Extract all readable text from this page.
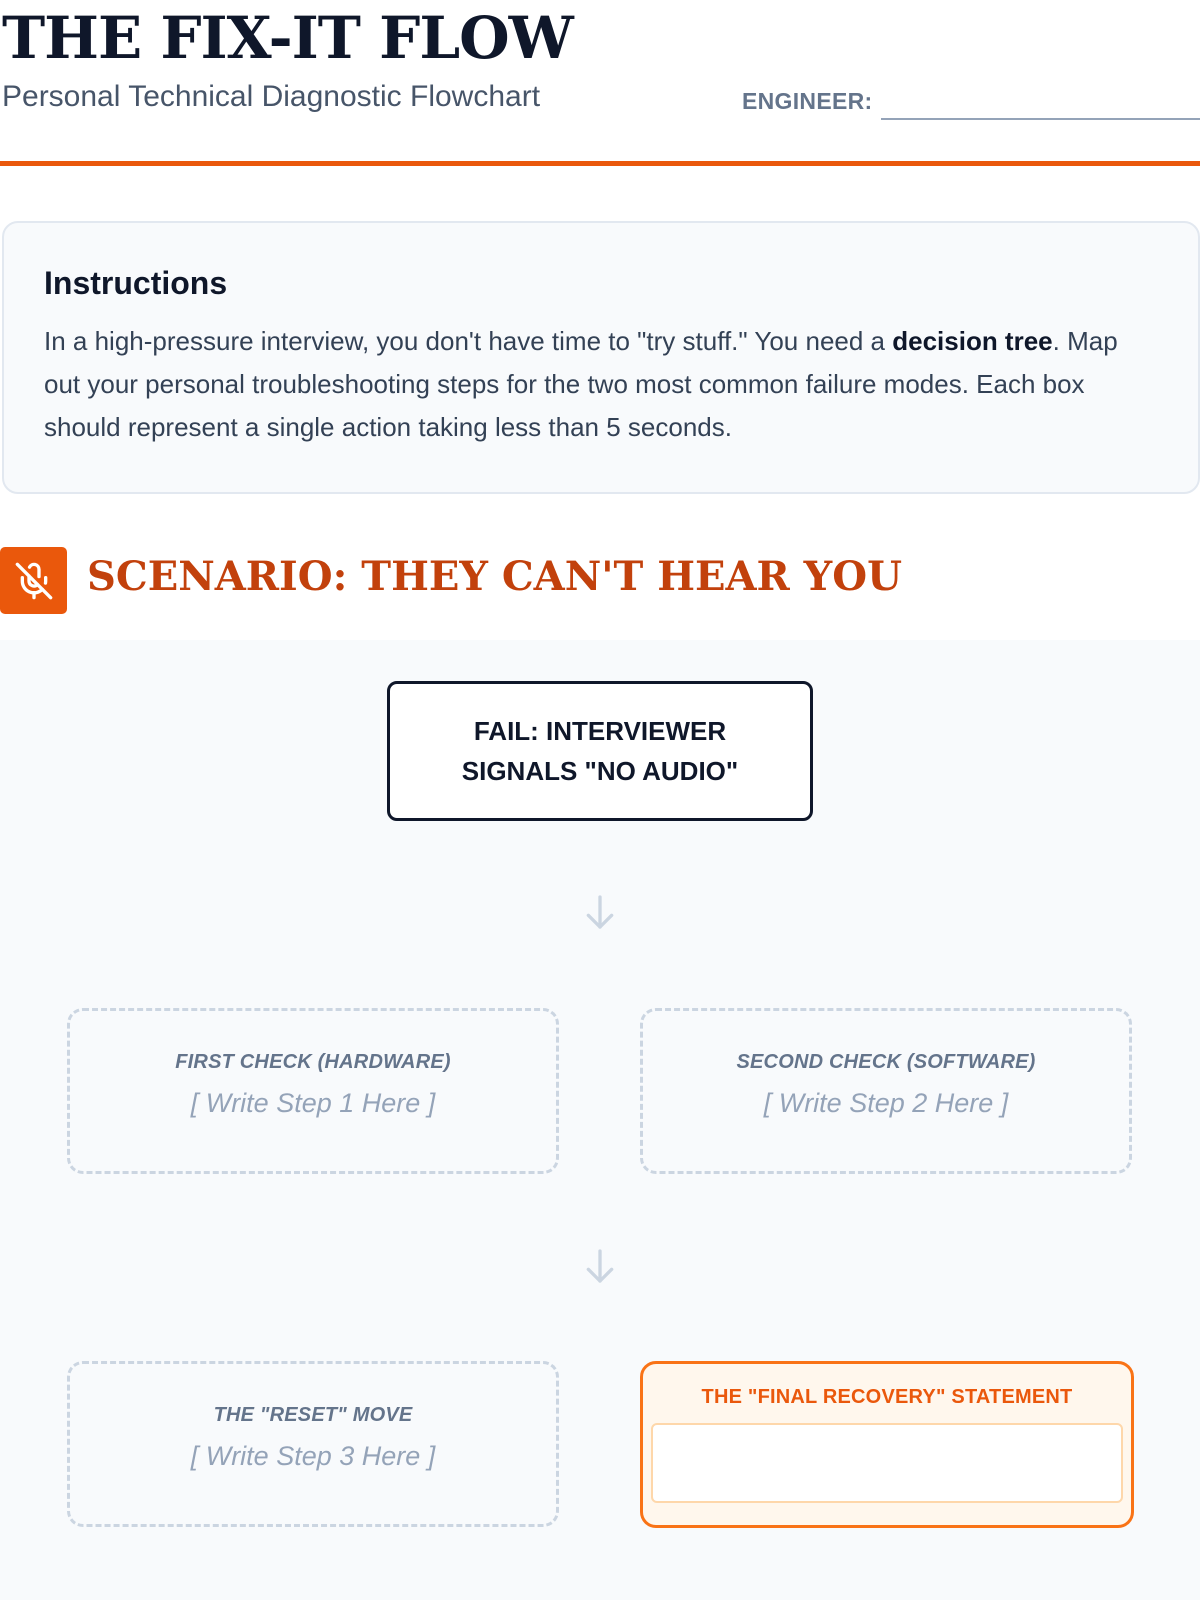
THE FIX-IT FLOW
Personal Technical Diagnostic Flowchart	ENGINEER:
Instructions

In a high-pressure interview, you don't have time to "try stuff." You need a decision tree. Map out your personal troubleshooting steps for the two most common failure modes. Each box should represent a single action taking less than 5 seconds.

SCENARIO: THEY CAN'T HEAR YOU
FAIL: INTERVIEWER SIGNALS "NO AUDIO"
FIRST CHECK (HARDWARE)
[ Write Step 1 Here ]
SECOND CHECK (SOFTWARE)
[ Write Step 2 Here ]
THE "RESET" MOVE
[ Write Step 3 Here ]
THE "FINAL RECOVERY" STATEMENT
